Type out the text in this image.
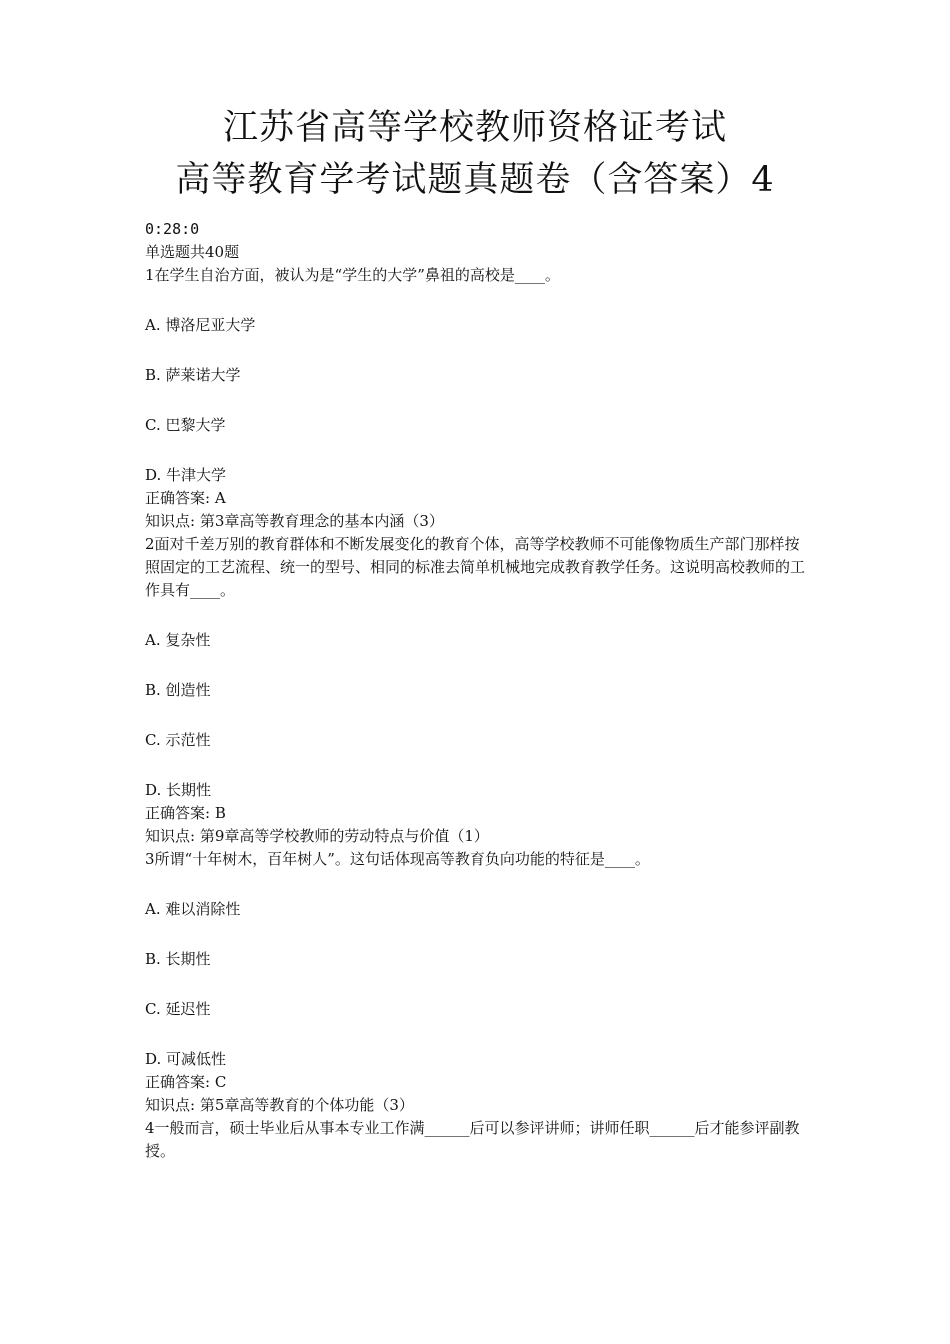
江苏省高等学校教师资格证考试
高等教育学考试题真题卷（含答案）4

0:28:0

单选题共40题

1在学生自治方面，被认为是“学生的大学”鼻祖的高校是____。

A. 博洛尼亚大学

B. 萨莱诺大学

C. 巴黎大学

D. 牛津大学

正确答案: A

知识点: 第3章高等教育理念的基本内涵（3）

2面对千差万别的教育群体和不断发展变化的教育个体，高等学校教师不可能像物质生产部门那样按照固定的工艺流程、统一的型号、相同的标准去简单机械地完成教育教学任务。这说明高校教师的工作具有____。

A. 复杂性

B. 创造性

C. 示范性

D. 长期性

正确答案: B

知识点: 第9章高等学校教师的劳动特点与价值（1）

3所谓“十年树木，百年树人”。这句话体现高等教育负向功能的特征是____。

A. 难以消除性

B. 长期性

C. 延迟性

D. 可减低性

正确答案: C

知识点: 第5章高等教育的个体功能（3）

4一般而言，硕士毕业后从事本专业工作满______后可以参评讲师；讲师任职______后才能参评副教授。
